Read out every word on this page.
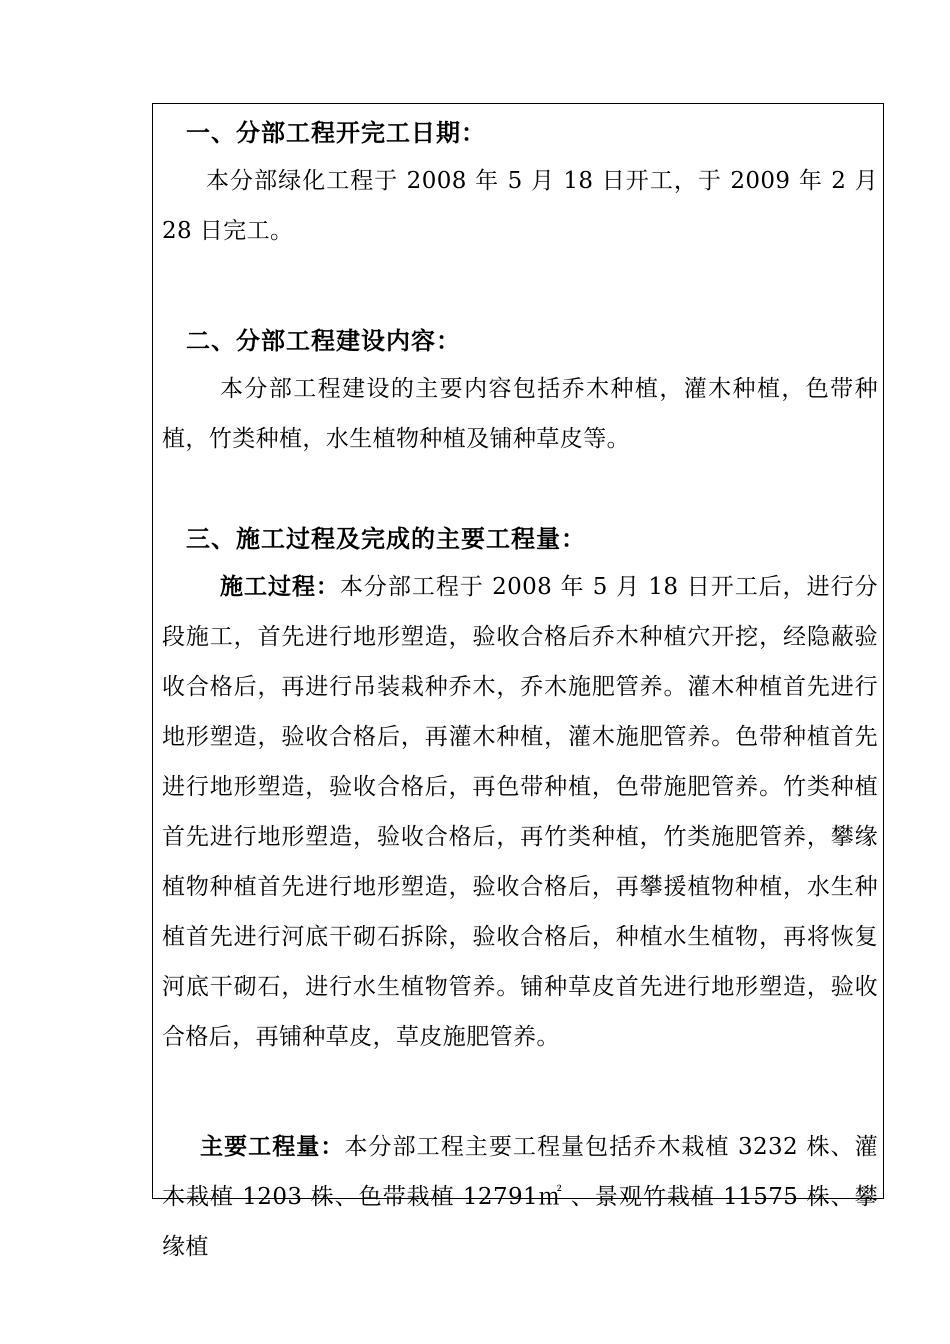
一、分部工程开完工日期：

本分部绿化工程于 2008 年 5 月 18 日开工，于 2009 年 2 月 28 日完工。

二、分部工程建设内容：

本分部工程建设的主要内容包括乔木种植，灌木种植，色带种植，竹类种植，水生植物种植及铺种草皮等。

三、施工过程及完成的主要工程量：

施工过程：本分部工程于 2008 年 5 月 18 日开工后，进行分段施工，首先进行地形塑造，验收合格后乔木种植穴开挖，经隐蔽验收合格后，再进行吊装栽种乔木，乔木施肥管养。灌木种植首先进行地形塑造，验收合格后，再灌木种植，灌木施肥管养。色带种植首先进行地形塑造，验收合格后，再色带种植，色带施肥管养。竹类种植首先进行地形塑造，验收合格后，再竹类种植，竹类施肥管养，攀缘植物种植首先进行地形塑造，验收合格后，再攀援植物种植，水生种植首先进行河底干砌石拆除，验收合格后，种植水生植物，再将恢复河底干砌石，进行水生植物管养。铺种草皮首先进行地形塑造，验收合格后，再铺种草皮，草皮施肥管养。

主要工程量：本分部工程主要工程量包括乔木栽植 3232 株、灌木栽植 1203 株、色带栽植 12791㎡ 、景观竹栽植 11575 株、攀缘植
